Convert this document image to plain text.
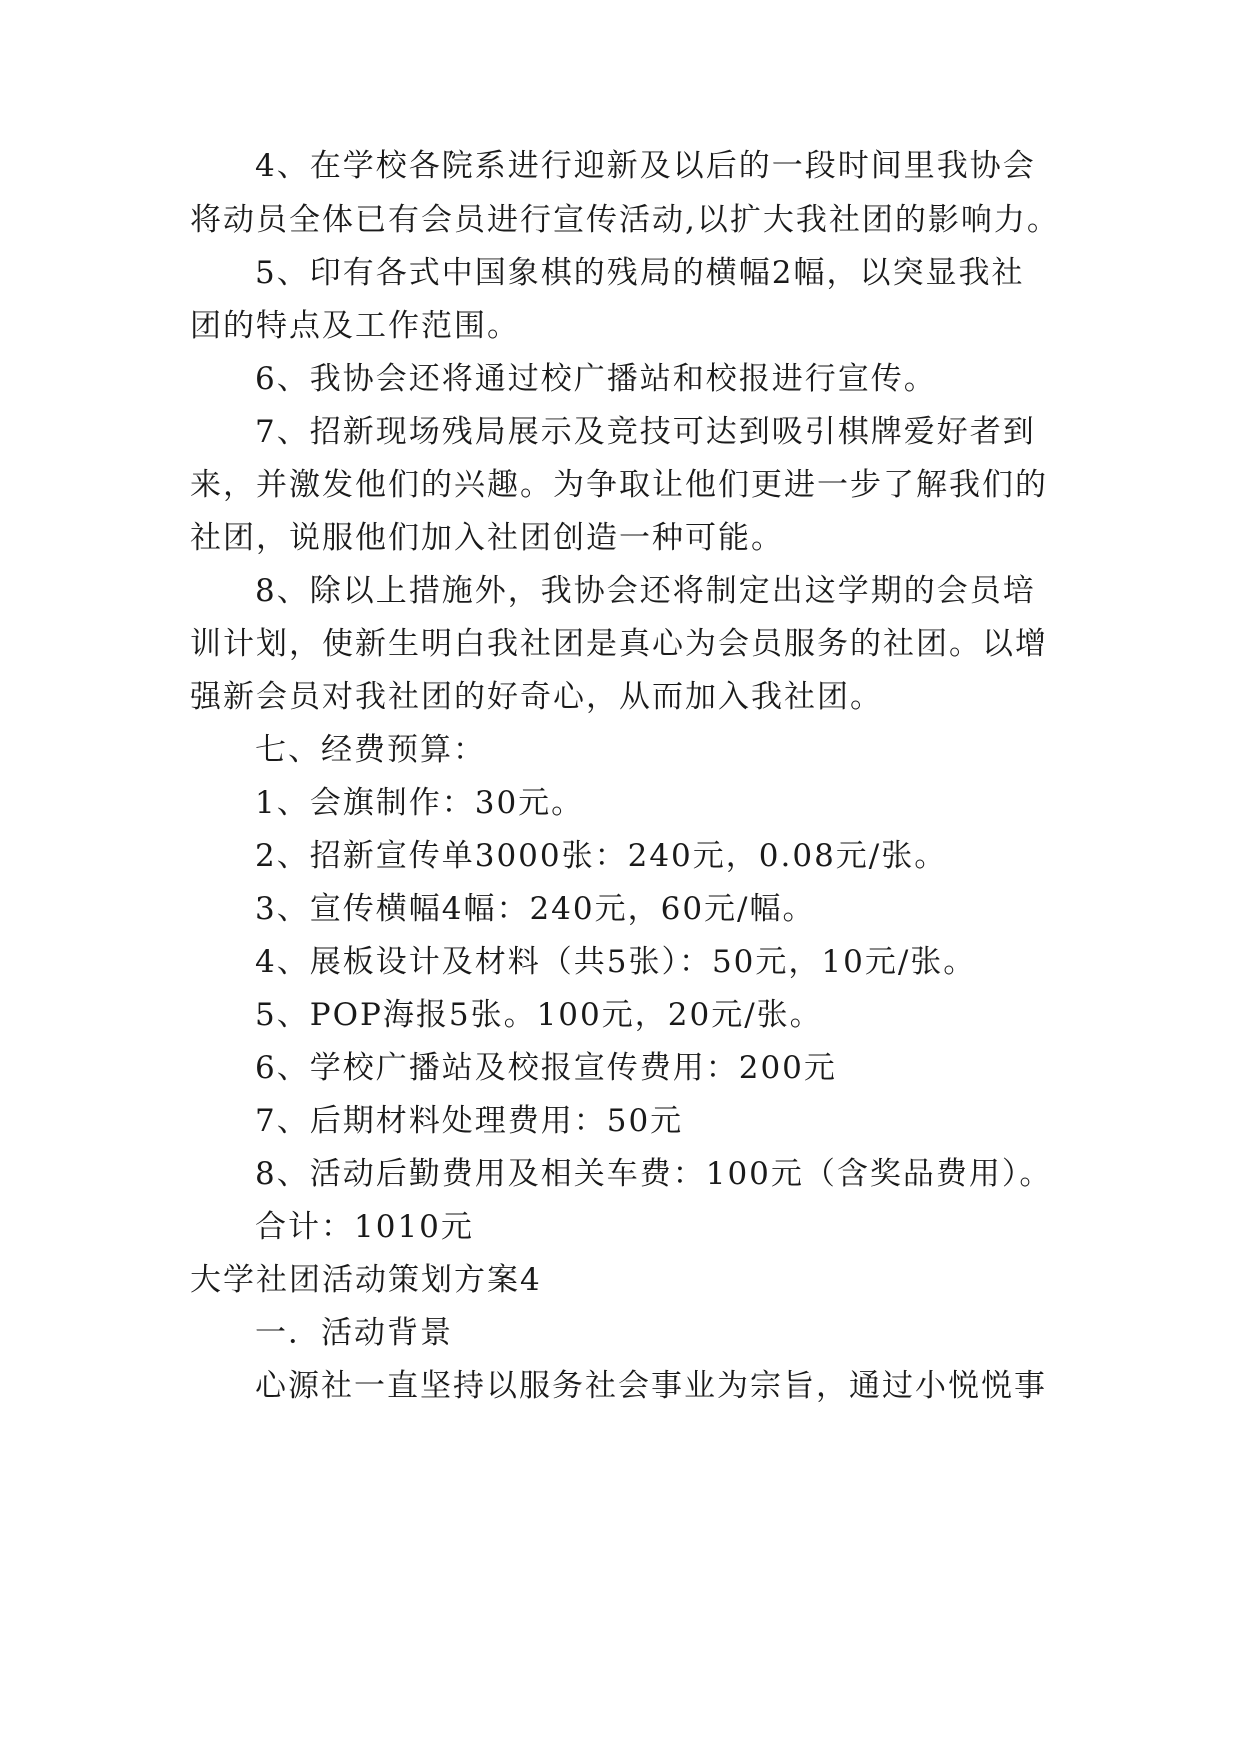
4、在学校各院系进行迎新及以后的一段时间里我协会
将动员全体已有会员进行宣传活动,以扩大我社团的影响力。
5、印有各式中国象棋的残局的横幅2幅，以突显我社
团的特点及工作范围。
6、我协会还将通过校广播站和校报进行宣传。
7、招新现场残局展示及竞技可达到吸引棋牌爱好者到
来，并激发他们的兴趣。为争取让他们更进一步了解我们的
社团，说服他们加入社团创造一种可能。
8、除以上措施外，我协会还将制定出这学期的会员培
训计划，使新生明白我社团是真心为会员服务的社团。以增
强新会员对我社团的好奇心，从而加入我社团。
七、经费预算：
1、会旗制作：30元。
2、招新宣传单3000张：240元，0.08元/张。
3、宣传横幅4幅：240元，60元/幅。
4、展板设计及材料（共5张）：50元，10元/张。
5、POP海报5张。100元，20元/张。
6、学校广播站及校报宣传费用：200元
7、后期材料处理费用：50元
8、活动后勤费用及相关车费：100元（含奖品费用）。
合计：1010元
大学社团活动策划方案4
一．活动背景
心源社一直坚持以服务社会事业为宗旨，通过小悦悦事
